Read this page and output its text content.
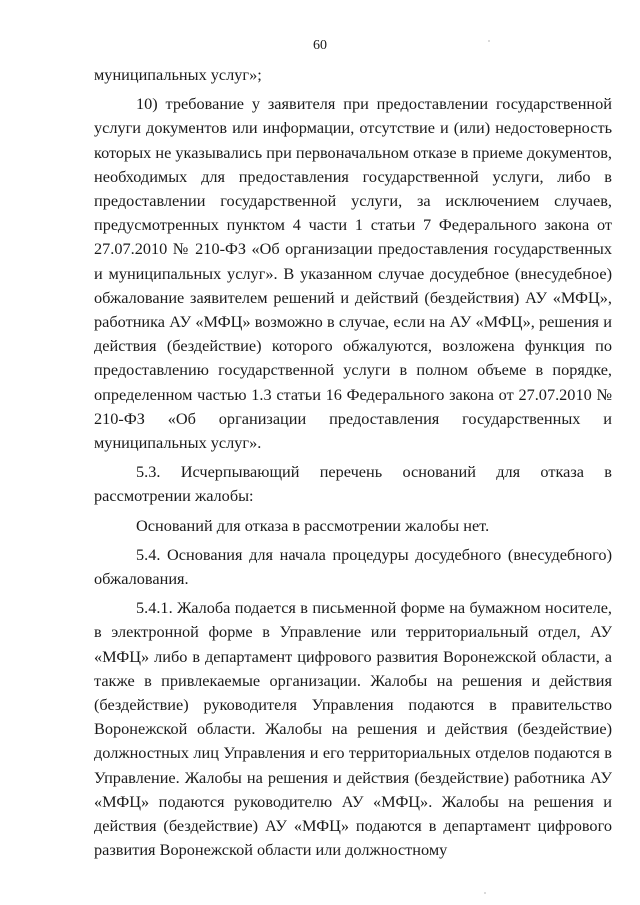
60

муниципальных услуг»;

10) требование у заявителя при предоставлении государственной услуги документов или информации, отсутствие и (или) недостоверность которых не указывались при первоначальном отказе в приеме документов, необходимых для предоставления государственной услуги, либо в предоставлении государственной услуги, за исключением случаев, предусмотренных пунктом 4 части 1 статьи 7 Федерального закона от 27.07.2010 № 210-ФЗ «Об организации предоставления государственных и муниципальных услуг». В указанном случае досудебное (внесудебное) обжалование заявителем решений и действий (бездействия) АУ «МФЦ», работника АУ «МФЦ» возможно в случае, если на АУ «МФЦ», решения и действия (бездействие) которого обжалуются, возложена функция по предоставлению государственной услуги в полном объеме в порядке, определенном частью 1.3 статьи 16 Федерального закона от 27.07.2010 № 210-ФЗ «Об организации предоставления государственных и муниципальных услуг».

5.3. Исчерпывающий перечень оснований для отказа в рассмотрении жалобы:

Оснований для отказа в рассмотрении жалобы нет.

5.4. Основания для начала процедуры досудебного (внесудебного) обжалования.

5.4.1. Жалоба подается в письменной форме на бумажном носителе, в электронной форме в Управление или территориальный отдел, АУ «МФЦ» либо в департамент цифрового развития Воронежской области, а также в привлекаемые организации. Жалобы на решения и действия (бездействие) руководителя Управления подаются в правительство Воронежской области. Жалобы на решения и действия (бездействие) должностных лиц Управления и его территориальных отделов подаются в Управление. Жалобы на решения и действия (бездействие) работника АУ «МФЦ» подаются руководителю АУ «МФЦ». Жалобы на решения и действия (бездействие) АУ «МФЦ» подаются в департамент цифрового развития Воронежской области или должностному
